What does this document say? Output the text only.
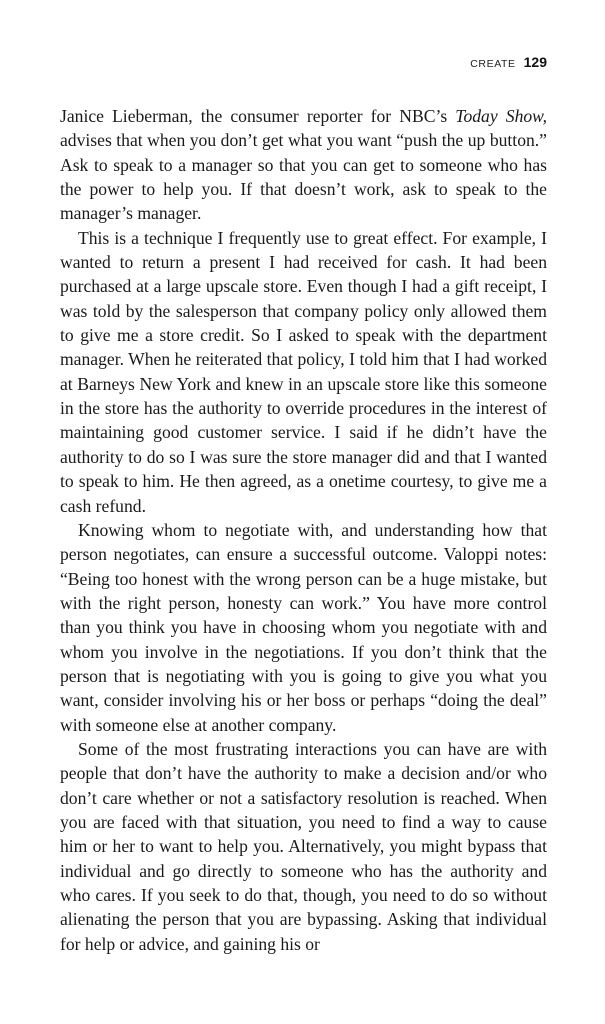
CREATE 129

Janice Lieberman, the consumer reporter for NBC’s Today Show, advises that when you don’t get what you want “push the up button.” Ask to speak to a manager so that you can get to someone who has the power to help you. If that doesn’t work, ask to speak to the manager’s manager.

This is a technique I frequently use to great effect. For example, I wanted to return a present I had received for cash. It had been purchased at a large upscale store. Even though I had a gift receipt, I was told by the salesperson that company policy only allowed them to give me a store credit. So I asked to speak with the department manager. When he reiterated that policy, I told him that I had worked at Barneys New York and knew in an upscale store like this someone in the store has the authority to override procedures in the interest of maintaining good customer service. I said if he didn’t have the authority to do so I was sure the store manager did and that I wanted to speak to him. He then agreed, as a onetime courtesy, to give me a cash refund.

Knowing whom to negotiate with, and understanding how that person negotiates, can ensure a successful outcome. Valoppi notes: “Being too honest with the wrong person can be a huge mistake, but with the right person, honesty can work.” You have more control than you think you have in choosing whom you negotiate with and whom you involve in the negotiations. If you don’t think that the person that is negotiating with you is going to give you what you want, consider involving his or her boss or perhaps “doing the deal” with someone else at another company.

Some of the most frustrating interactions you can have are with people that don’t have the authority to make a decision and/or who don’t care whether or not a satisfactory resolution is reached. When you are faced with that situation, you need to find a way to cause him or her to want to help you. Alternatively, you might bypass that individual and go directly to someone who has the authority and who cares. If you seek to do that, though, you need to do so without alienating the person that you are bypassing. Asking that individual for help or advice, and gaining his or
